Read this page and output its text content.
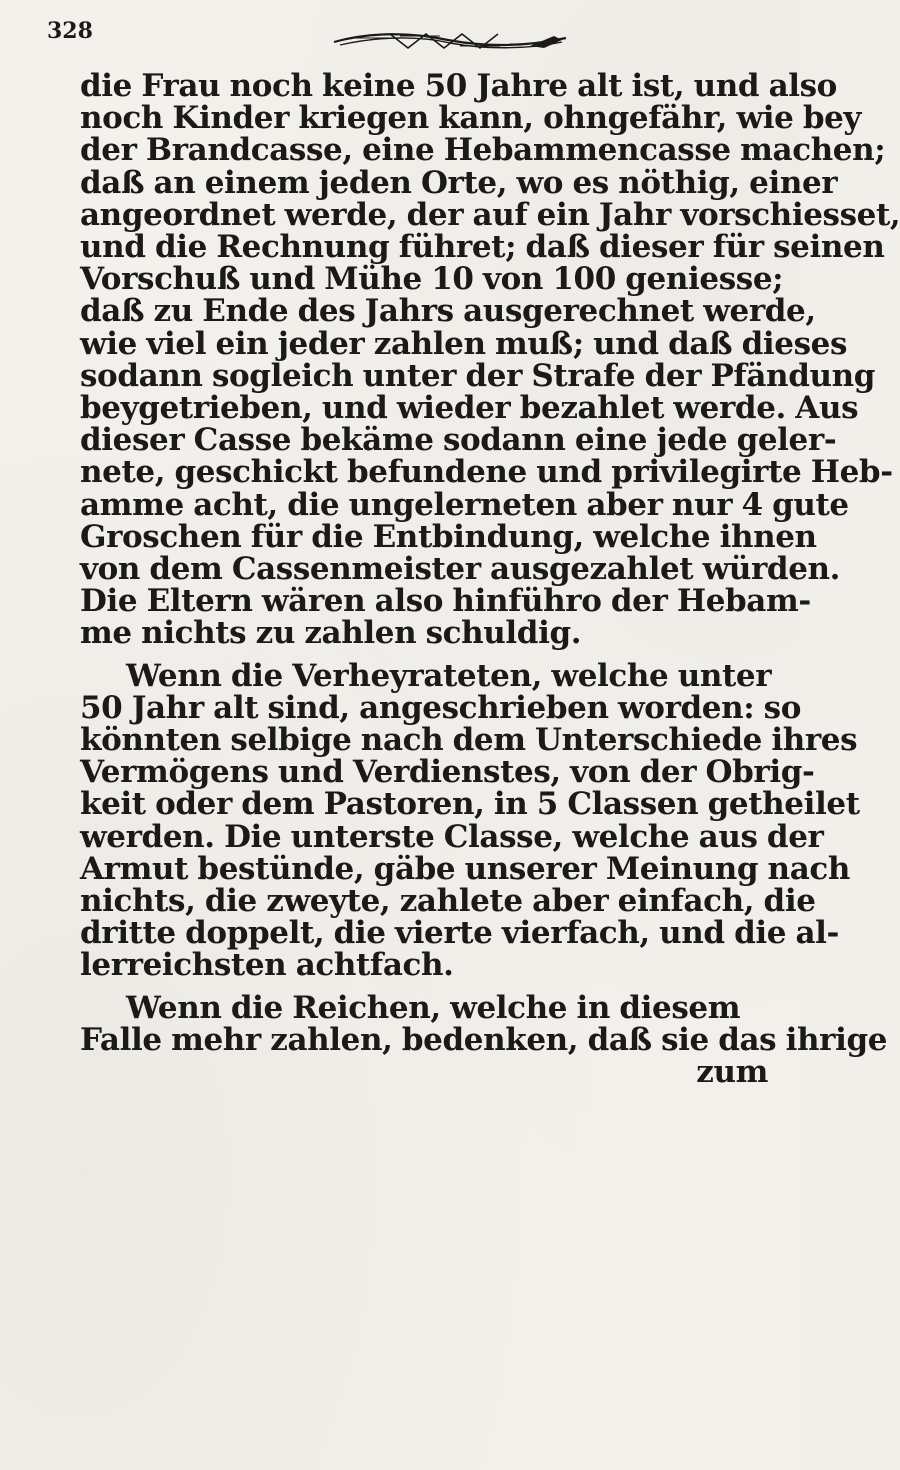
328
die Frau noch keine 50 Jahre alt ist, und also
noch Kinder kriegen kann, ohngefähr, wie bey
der Brandcasse, eine Hebammencasse machen;
daß an einem jeden Orte, wo es nöthig, einer
angeordnet werde, der auf ein Jahr vorschiesset,
und die Rechnung führet; daß dieser für seinen
Vorschuß und Mühe 10 von 100 geniesse;
daß zu Ende des Jahrs ausgerechnet werde,
wie viel ein jeder zahlen muß; und daß dieses
sodann sogleich unter der Strafe der Pfändung
beygetrieben, und wieder bezahlet werde. Aus
dieser Casse bekäme sodann eine jede geler-
nete, geschickt befundene und privilegirte Heb-
amme acht, die ungelerneten aber nur 4 gute
Groschen für die Entbindung, welche ihnen
von dem Cassenmeister ausgezahlet würden.
Die Eltern wären also hinführo der Hebam-
me nichts zu zahlen schuldig.
Wenn die Verheyrateten, welche unter
50 Jahr alt sind, angeschrieben worden: so
könnten selbige nach dem Unterschiede ihres
Vermögens und Verdienstes, von der Obrig-
keit oder dem Pastoren, in 5 Classen getheilet
werden. Die unterste Classe, welche aus der
Armut bestünde, gäbe unserer Meinung nach
nichts, die zweyte, zahlete aber einfach, die
dritte doppelt, die vierte vierfach, und die al-
lerreichsten achtfach.
Wenn die Reichen, welche in diesem
Falle mehr zahlen, bedenken, daß sie das ihrige
zum
